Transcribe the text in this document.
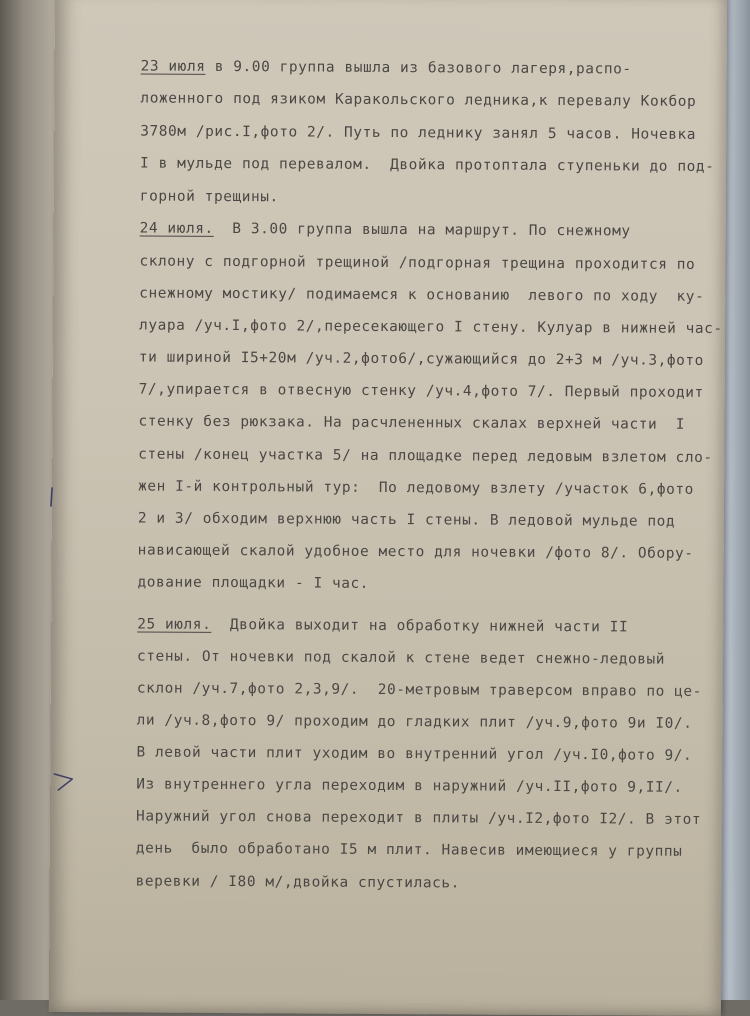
23 июля в 9.00 группа вышла из базового лагеря,распо-
ложенного под язиком Каракольского ледника,к перевалу Кокбор
3780м /рис.I,фото 2/. Путь по леднику занял 5 часов. Ночевка
I в мульде под перевалом.  Двойка протоптала ступеньки до под-
горной трещины.
24 июля.  В 3.00 группа вышла на маршрут. По снежному
склону с подгорной трещиной /подгорная трещина проходится по
снежному мостику/ подимаемся к основанию  левого по ходу  ку-
луара /уч.I,фото 2/,пересекающего I стену. Кулуар в нижней час-
ти шириной I5+20м /уч.2,фото6/,сужающийся до 2+3 м /уч.3,фото
7/,упирается в отвесную стенку /уч.4,фото 7/. Первый проходит
стенку без рюкзака. На расчлененных скалах верхней части  I
стены /конец участка 5/ на площадке перед ледовым взлетом сло-
жен I-й контрольный тур:  По ледовому взлету /участок 6,фото
2 и 3/ обходим верхнюю часть I стены. В ледовой мульде под
нависающей скалой удобное место для ночевки /фото 8/. Обору-
дование площадки - I час.
25 июля.  Двойка выходит на обработку нижней части II
стены. От ночевки под скалой к стене ведет снежно-ледовый
склон /уч.7,фото 2,3,9/.  20-метровым траверсом вправо по це-
ли /уч.8,фото 9/ проходим до гладких плит /уч.9,фото 9и I0/.
В левой части плит уходим во внутренний угол /уч.I0,фото 9/.
Из внутреннего угла переходим в наружний /уч.II,фото 9,II/.
Наружний угол снова переходит в плиты /уч.I2,фото I2/. В этот
день  было обработано I5 м плит. Навесив имеющиеся у группы
веревки / I80 м/,двойка спустилась.
